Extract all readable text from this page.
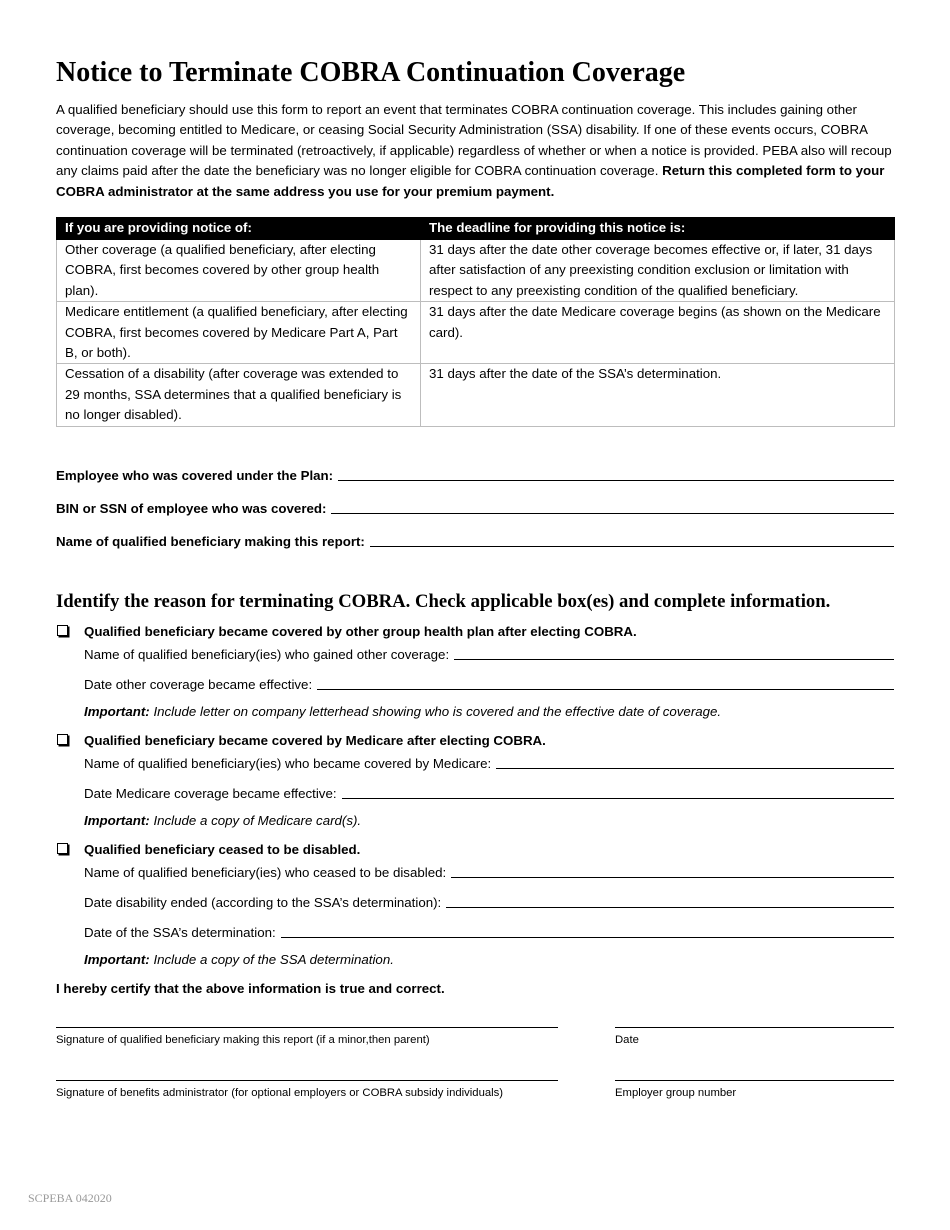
Notice to Terminate COBRA Continuation Coverage

A qualified beneficiary should use this form to report an event that terminates COBRA continuation coverage. This includes gaining other coverage, becoming entitled to Medicare, or ceasing Social Security Administration (SSA) disability. If one of these events occurs, COBRA continuation coverage will be terminated (retroactively, if applicable) regardless of whether or when a notice is provided. PEBA also will recoup any claims paid after the date the beneficiary was no longer eligible for COBRA continuation coverage. Return this completed form to your COBRA administrator at the same address you use for your premium payment.

If you are providing notice of:	The deadline for providing this notice is:
Other coverage (a qualified beneficiary, after electing COBRA, first becomes covered by other group health plan).	31 days after the date other coverage becomes effective or, if later, 31 days after satisfaction of any preexisting condition exclusion or limitation with respect to any preexisting condition of the qualified beneficiary.
Medicare entitlement (a qualified beneficiary, after electing COBRA, first becomes covered by Medicare Part A, Part B, or both).	31 days after the date Medicare coverage begins (as shown on the Medicare card).
Cessation of a disability (after coverage was extended to 29 months, SSA determines that a qualified beneficiary is no longer disabled).	31 days after the date of the SSA’s determination.
Employee who was covered under the Plan:
BIN or SSN of employee who was covered:
Name of qualified beneficiary making this report:
Identify the reason for terminating COBRA. Check applicable box(es) and complete information.
Qualified beneficiary became covered by other group health plan after electing COBRA.
Name of qualified beneficiary(ies) who gained other coverage:
Date other coverage became effective:
Important: Include letter on company letterhead showing who is covered and the effective date of coverage.
Qualified beneficiary became covered by Medicare after electing COBRA.
Name of qualified beneficiary(ies) who became covered by Medicare:
Date Medicare coverage became effective:
Important: Include a copy of Medicare card(s).
Qualified beneficiary ceased to be disabled.
Name of qualified beneficiary(ies) who ceased to be disabled:
Date disability ended (according to the SSA’s determination):
Date of the SSA’s determination:
Important: Include a copy of the SSA determination.
I hereby certify that the above information is true and correct.
Signature of qualified beneficiary making this report (if a minor,then parent)	Date
Signature of benefits administrator (for optional employers or COBRA subsidy individuals)	Employer group number
SCPEBA 042020
